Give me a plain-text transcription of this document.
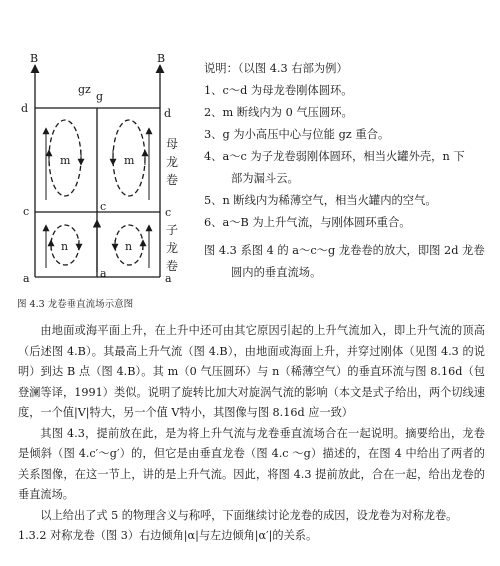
B	B
gz
g
d	d
m	m
c	c	c
n	n
a	a	a
母
龙
卷
子
龙
卷
图 4.3 龙卷垂直流场示意图

说明：（以图 4.3 右部为例）

1、c～d 为母龙卷刚体圆环。

2、m 断线内为 0 气压圆环。

3、g 为小高压中心与位能 gz 重合。

4、a～c 为子龙卷弱刚体圆环，相当火罐外壳，n 下

部为漏斗云。

5、n 断线内为稀薄空气，相当火罐内的空气。

6、a～B 为上升气流，与刚体圆环重合。

图 4.3 系图 4 的 a～c～g 龙卷卷的放大，即图 2d 龙卷

圆内的垂直流场。

由地面或海平面上升，在上升中还可由其它原因引起的上升气流加入，即上升气流的顶高（后述图 4.B）。其最高上升气流（图 4.B），由地面或海面上升，并穿过刚体（见图 4.3 的说明）到达 B 点（图 4.B）。其 m（0 气压圆环）与 n（稀薄空气）的垂直环流与图 8.16d（包登澜等译，1991）类似。说明了旋转比加大对旋涡气流的影响（本文是式子给出，两个切线速度，一个值|V|特大，另一个值 V特小，其图像与图 8.16d 应一致）

其图 4.3，提前放在此，是为将上升气流与龙卷垂直流场合在一起说明。摘要给出，龙卷是倾斜（图 4.c′～g′）的，但它是由垂直龙卷（图 4.c ～g）描述的，在图 4 中给出了两者的关系图像，在这一节上，讲的是上升气流。因此，将图 4.3 提前放此，合在一起，给出龙卷的垂直流场。

以上给出了式 5 的物理含义与称呼，下面继续讨论龙卷的成因，设龙卷为对称龙卷。

1.3.2 对称龙卷（图 3）右边倾角|α|与左边倾角|α′|的关系。
